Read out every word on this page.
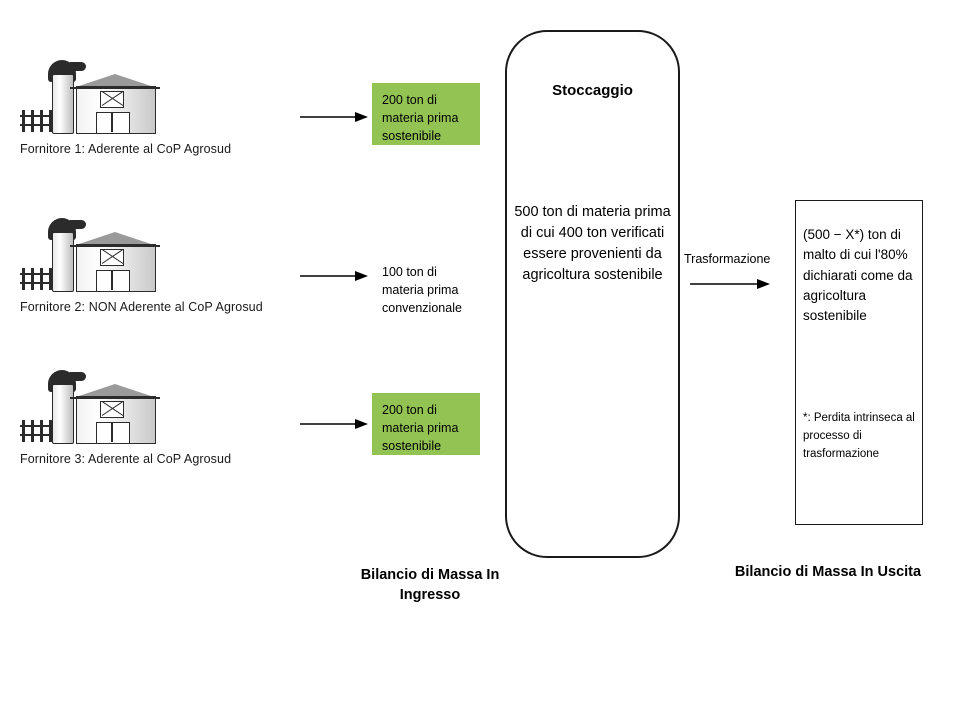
Fornitore 1: Aderente al CoP Agrosud
200 ton di materia prima sostenibile
Fornitore 2: NON Aderente al CoP Agrosud
100 ton di materia prima convenzionale
Fornitore 3: Aderente al CoP Agrosud
200 ton di materia prima sostenibile
Stoccaggio
500 ton di materia prima di cui 400 ton verificati essere provenienti da agricoltura sostenibile
Trasformazione
(500 − X*) ton di malto di cui l'80% dichiarati come da agricoltura sostenibile
*: Perdita intrinseca al processo di trasformazione
Bilancio di Massa In Ingresso
Bilancio di Massa In Uscita
